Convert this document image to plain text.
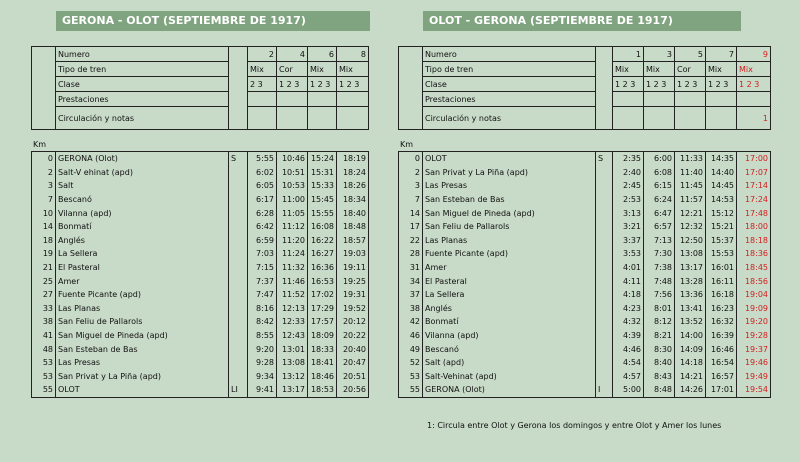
GERONA - OLOT (SEPTIEMBRE DE 1917)	OLOT - GERONA (SEPTIEMBRE DE 1917)
	Numero		2	4	6	8
	Tipo de tren		Mix	Cor	Mix	Mix
	Clase		2 3	1 2 3	1 2 3	1 2 3
	Prestaciones					
	Circulación y notas					
Km
0	GERONA (Olot)	S	5:55	10:46	15:24	18:19
2	Salt-V ehinat (apd)		6:02	10:51	15:31	18:24
3	Salt		6:05	10:53	15:33	18:26
7	Bescanó		6:17	11:00	15:45	18:34
10	Vilanna (apd)		6:28	11:05	15:55	18:40
14	Bonmatí		6:42	11:12	16:08	18:48
18	Anglés		6:59	11:20	16:22	18:57
19	La Sellera		7:03	11:24	16:27	19:03
21	El Pasteral		7:15	11:32	16:36	19:11
25	Amer		7:37	11:46	16:53	19:25
27	Fuente Picante (apd)		7:47	11:52	17:02	19:31
33	Las Planas		8:16	12:13	17:29	19:52
38	San Feliu de Pallarols		8:42	12:33	17:57	20:12
41	San Miguel de Pineda (apd)		8:55	12:43	18:09	20:22
48	San Esteban de Bas		9:20	13:01	18:33	20:40
53	Las Presas		9:28	13:08	18:41	20:47
53	San Privat y La Piña (apd)		9:34	13:12	18:46	20:51
55	OLOT	LI	9:41	13:17	18:53	20:56
	Numero		1	3	5	7	9
	Tipo de tren		Mix	Mix	Cor	Mix	Mix
	Clase		1 2 3	1 2 3	1 2 3	1 2 3	1 2 3
	Prestaciones						
	Circulación y notas						1
Km
0	OLOT	S	2:35	6:00	11:33	14:35	17:00
2	San Privat y La Piña (apd)		2:40	6:08	11:40	14:40	17:07
3	Las Presas		2:45	6:15	11:45	14:45	17:14
7	San Esteban de Bas		2:53	6:24	11:57	14:53	17:24
14	San Miguel de Pineda (apd)		3:13	6:47	12:21	15:12	17:48
17	San Feliu de Pallarols		3:21	6:57	12:32	15:21	18:00
22	Las Planas		3:37	7:13	12:50	15:37	18:18
28	Fuente Picante (apd)		3:53	7:30	13:08	15:53	18:36
31	Amer		4:01	7:38	13:17	16:01	18:45
34	El Pasteral		4:11	7:48	13:28	16:11	18:56
37	La Sellera		4:18	7:56	13:36	16:18	19:04
38	Anglés		4:23	8:01	13:41	16:23	19:09
42	Bonmatí		4:32	8:12	13:52	16:32	19:20
46	Vilanna (apd)		4:39	8:21	14:00	16:39	19:28
49	Bescanó		4:46	8:30	14:09	16:46	19:37
52	Salt (apd)		4:54	8:40	14:18	16:54	19:46
53	Salt-Vehinat (apd)		4:57	8:43	14:21	16:57	19:49
55	GERONA (Olot)	I	5:00	8:48	14:26	17:01	19:54
1: Circula entre Olot y Gerona los domingos y entre Olot y Amer los lunes
